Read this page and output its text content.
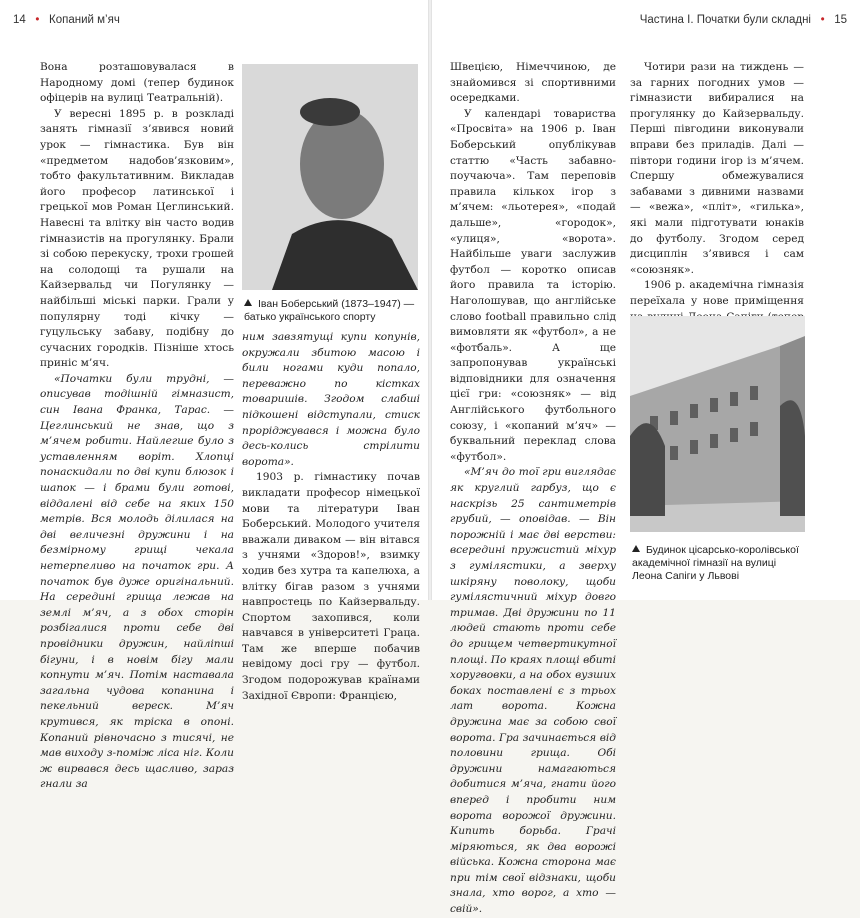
14 • Копаний м’яч	Частина І. Початки були складні • 15

Вона розташовувалася в Народному домі (тепер будинок офіцерів на вулиці Театральній).

У вересні 1895 р. в розкладі занять гімназії з’явився новий урок — гімнастика. Був він «предметом надобов’язковим», тобто факультативним. Викладав його професор латинської і грецької мов Роман Цеглинський. Навесні та влітку він часто водив гімназистів на прогулянку. Брали зі собою перекуску, трохи грошей на солодощі та рушали на Кайзервальд чи Погулянку — найбільші міські парки. Грали у популярну тоді кічку — гуцульську забаву, подібну до сучасних городків. Пізніше хтось приніс м’яч.

«Початки були трудні, — описував тодішній гімназист, син Івана Франка, Тарас. — Цеглинський не знав, що з м’ячем робити. Найлегше було з уставленням воріт. Хлопці понаскидали по дві купи блюзок і шапок — і брами були готові, віддалені від себе на яких 150 метрів. Вся молодь ділилася на дві величезні дружини і на безмірному грищі чекала нетерпеливо на початок гри. А початок був дуже оригінальний. На середині грища лежав на землі м’яч, а з обох сторін розбігалися проти себе дві провідники дружин, найліпші бігуни, і в новім бігу мали копнути м’яч. Потім наставала загальна чудова копанина і пекельний вереск. М’яч крутився, як тріска в опоні. Копаний рівночасно з тисячі, не мав виходу з-поміж ліса ніг. Коли ж вирвався десь щасливо, зараз гнали за

Іван Боберський (1873–1947) —
батько українського спорту

ним завзятущі купи копунів, окружали збитою масою і били ногами куди попало, переважно по кістках товаришів. Згодом слабші підкошені відступали, стиск проріджувався і можна було десь-колись стрілити ворота».

1903 р. гімнастику почав викладати професор німецької мови та літератури Іван Боберський. Молодого учителя вважали диваком — він вітався з учнями «Здоров!», взимку ходив без хутра та капелюха, а влітку бігав разом з учнями навпростець по Кайзервальду. Спортом захопився, коли навчався в університеті Граца. Там же вперше побачив невідому досі гру — футбол. Згодом подорожував країнами Західної Європи: Францією,

Швецією, Німеччиною, де знайомився зі спортивними осередками.

У календарі товариства «Просвіта» на 1906 р. Іван Боберський опублікував статтю «Часть забавно-поучаюча». Там переповів правила кількох ігор з м’ячем: «льотерея», «подай дальше», «городок», «улиця», «ворота». Найбільше уваги заслужив футбол — коротко описав його правила та історію. Наголошував, що англійське слово football правильно слід вимовляти як «футбол», а не «фотбаль». А ще запропонував українські відповідники для означення цієї гри: «союзняк» — від Англійського футбольного союзу, і «копаний м’яч» — буквальний переклад слова «футбол».

«М’яч до тої гри виглядає як круглий гарбуз, що є наскрізь 25 сантиметрів грубий, — оповідав. — Він порожній і має дві верстви: всередині пружистий міхур з гумілястики, а зверху шкіряну поволоку, щоби гумілястичний міхур довго тримав. Дві дружини по 11 людей стають проти себе до грищем четвертикутної площі. По краях площі вбиті хоругвовки, а на обох вузших боках поставлені є з трьох лат ворота. Кожна дружина має за собою свої ворота. Гра зачинається від половини грища. Обі дружини намагаються добитися м’яча, гнати його вперед і пробити ним ворота ворожої дружини. Кипить борьба. Грачі міряються, як два ворожі війська. Кожна сторона має при тім свої відзнаки, щоби знала, хто ворог, а хто — свій».

Чотири рази на тиждень — за гарних погодних умов — гімназисти вибиралися на прогулянку до Кайзервальду. Перші півгодини виконували вправи без приладів. Далі — півтори години ігор із м’ячем. Спершу обмежувалися забавами з дивними назвами — «вежа», «пліт», «гилька», які мали підготувати юнаків до футболу. Згодом серед дисциплін з’явився і сам «союзняк».

1906 р. академічна гімназія переїхала у нове приміщення

Будинок цісарсько-королівської
академічної гімназії на вулиці
Леона Сапіги у Львові
